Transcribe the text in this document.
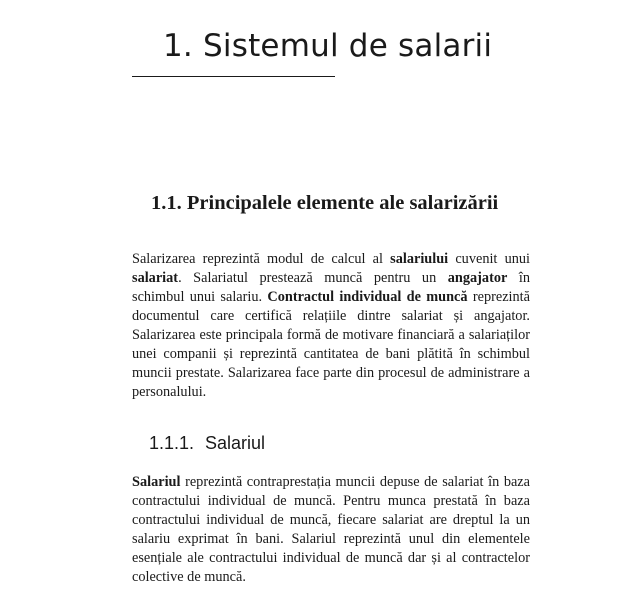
1. Sistemul de salarii
1.1. Principalele elemente ale salarizării

Salarizarea reprezintă modul de calcul al salariului cuvenit unui salariat. Salariatul prestează muncă pentru un angajator în schimbul unui salariu. Contractul individual de muncă reprezintă documentul care certifică relațiile dintre salariat și angajator. Salarizarea este principala formă de motivare financiară a salariaților unei companii și reprezintă cantitatea de bani plătită în schimbul muncii prestate. Salarizarea face parte din procesul de administrare a personalului.

1.1.1. Salariul

Salariul reprezintă contraprestația muncii depuse de salariat în baza contractului individual de muncă. Pentru munca prestată în baza contractului individual de muncă, fiecare salariat are dreptul la un salariu exprimat în bani. Salariul reprezintă unul din elementele esențiale ale contractului individual de muncă dar și al contractelor colective de muncă.
